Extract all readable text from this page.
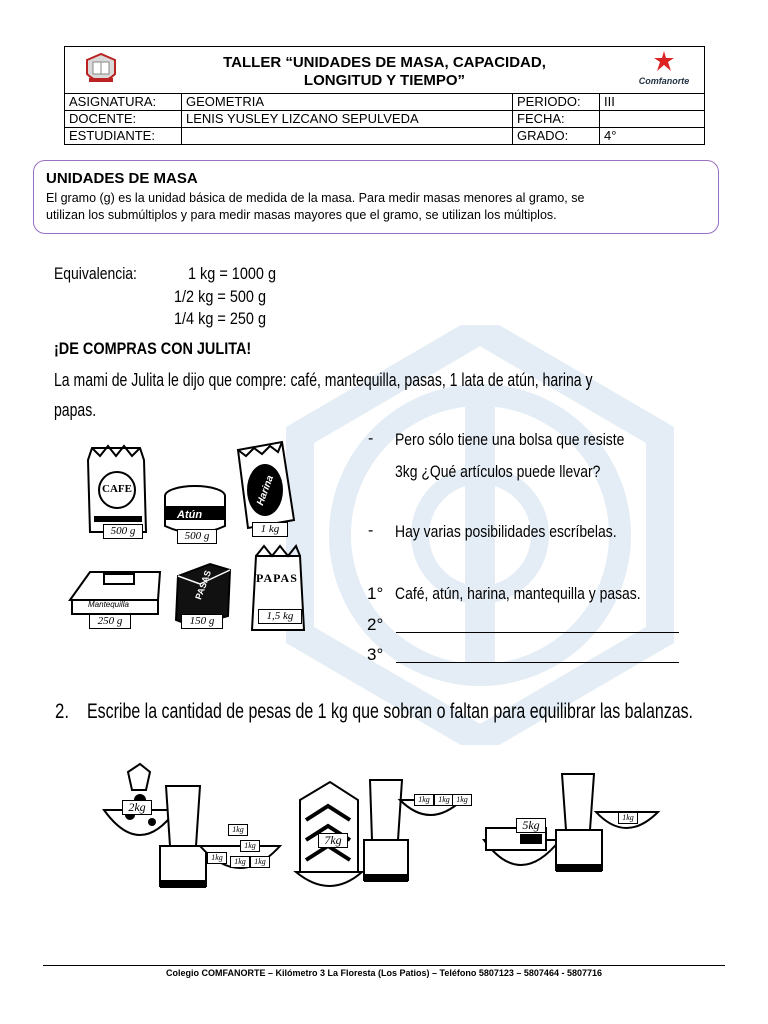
TALLER “UNIDADES DE MASA, CAPACIDAD,
LONGITUD Y TIEMPO” Comfanorte			

ASIGNATURA:	GEOMETRIA	PERIODO:	III
DOCENTE:	LENIS YUSLEY LIZCANO SEPULVEDA	FECHA:	
ESTUDIANTE:		GRADO:	4°
UNIDADES DE MASA
El gramo (g) es la unidad básica de medida de la masa. Para medir masas menores al gramo, se
utilizan los submúltiplos y para medir masas mayores que el gramo, se utilizan los múltiplos.
Equivalencia:	1 kg = 1000 g
1/2 kg = 500 g
1/4 kg = 250 g
¡DE COMPRAS CON JULITA!
La mami de Julita le dijo que compre: café, mantequilla, pasas, 1 lata de atún, harina y
papas.
CAFE
500 g
Atún
500 g
Harina
1 kg
Mantequilla
250 g
PASAS
150 g
PAPAS
1,5 kg
- Pero sólo tiene una bolsa que resiste
3kg ¿Qué artículos puede llevar?
- Hay varias posibilidades escríbelas.
1° Café, atún, harina, mantequilla y pasas.
2°
3°
2. Escribe la cantidad de pesas de 1 kg que sobran o faltan para equilibrar las balanzas.
2kg
1kg
1kg	1kg	1kg
1kg	7kg
1kg	1kg 1kg
5kg
1kg
Colegio COMFANORTE – Kilómetro 3 La Floresta (Los Patios) – Teléfono 5807123 – 5807464 - 5807716
